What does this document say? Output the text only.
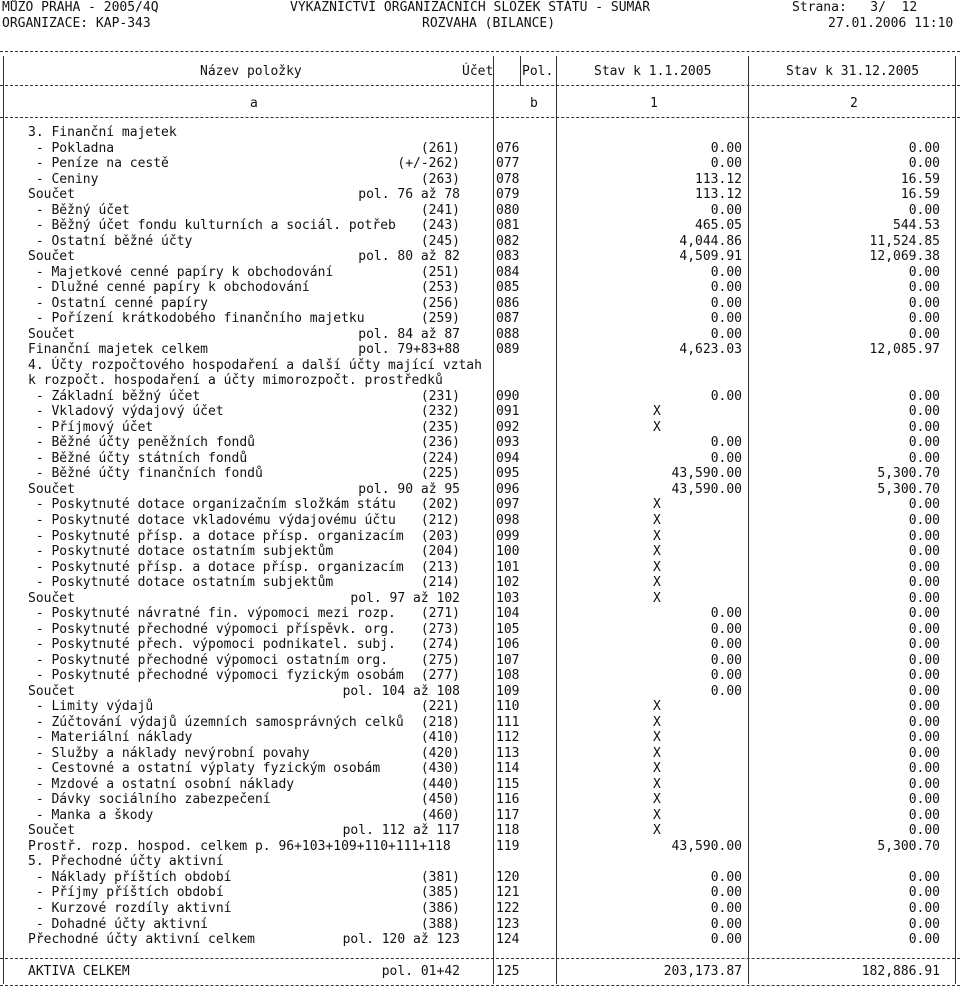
MŮZO PRAHA - 2005/4Q	VÝKAZNICTVÍ ORGANIZAČNÍCH SLOŽEK STÁTU - SUMÁŘ	Strana:   3/  12
ORGANIZACE: KAP-343	ROZVAHA (BILANCE)	27.01.2006 11:10
Název položky	Účet Pol.	Stav k 1.1.2005	Stav k 31.12.2005
a	b	1	2
3. Finanční majetek
- Pokladna	(261)	076	0.00	0.00
- Peníze na cestě	(+/-262)	077	0.00	0.00
- Ceniny	(263)	078	113.12	16.59
Součet	pol. 76 až 78	079	113.12	16.59
- Běžný účet	(241)	080	0.00	0.00
- Běžný účet fondu kulturních a sociál. potřeb	(243)	081	465.05	544.53
- Ostatní běžné účty	(245)	082	4,044.86	11,524.85
Součet	pol. 80 až 82	083	4,509.91	12,069.38
- Majetkové cenné papíry k obchodování	(251)	084	0.00	0.00
- Dlužné cenné papíry k obchodování	(253)	085	0.00	0.00
- Ostatní cenné papíry	(256)	086	0.00	0.00
- Pořízení krátkodobého finančního majetku	(259)	087	0.00	0.00
Součet	pol. 84 až 87	088	0.00	0.00
Finanční majetek celkem	pol. 79+83+88	089	4,623.03	12,085.97
4. Účty rozpočtového hospodaření a další účty mající vztah
k rozpočt. hospodaření a účty mimorozpočt. prostředků
- Základní běžný účet	(231)	090	0.00	0.00
- Vkladový výdajový účet	(232)	091	X	0.00
- Příjmový účet	(235)	092	X	0.00
- Běžné účty peněžních fondů	(236)	093	0.00	0.00
- Běžné účty státních fondů	(224)	094	0.00	0.00
- Běžné účty finančních fondů	(225)	095	43,590.00	5,300.70
Součet	pol. 90 až 95	096	43,590.00	5,300.70
- Poskytnuté dotace organizačním složkám státu	(202)	097	X	0.00
- Poskytnuté dotace vkladovému výdajovému účtu	(212)	098	X	0.00
- Poskytnuté přísp. a dotace přísp. organizacím	(203)	099	X	0.00
- Poskytnuté dotace ostatním subjektům	(204)	100	X	0.00
- Poskytnuté přísp. a dotace přísp. organizacím	(213)	101	X	0.00
- Poskytnuté dotace ostatním subjektům	(214)	102	X	0.00
Součet	pol. 97 až 102	103	X	0.00
- Poskytnuté návratné fin. výpomoci mezi rozp.	(271)	104	0.00	0.00
- Poskytnuté přechodné výpomoci příspěvk. org.	(273)	105	0.00	0.00
- Poskytnuté přech. výpomoci podnikatel. subj.	(274)	106	0.00	0.00
- Poskytnuté přechodné výpomoci ostatním org.	(275)	107	0.00	0.00
- Poskytnuté přechodné výpomoci fyzickým osobám	(277)	108	0.00	0.00
Součet	pol. 104 až 108	109	0.00	0.00
- Limity výdajů	(221)	110	X	0.00
- Zúčtování výdajů územních samosprávných celků	(218)	111	X	0.00
- Materiální náklady	(410)	112	X	0.00
- Služby a náklady nevýrobní povahy	(420)	113	X	0.00
- Cestovné a ostatní výplaty fyzickým osobám	(430)	114	X	0.00
- Mzdové a ostatní osobní náklady	(440)	115	X	0.00
- Dávky sociálního zabezpečení	(450)	116	X	0.00
- Manka a škody	(460)	117	X	0.00
Součet	pol. 112 až 117	118	X	0.00
Prostř. rozp. hospod. celkem p. 96+103+109+110+111+118	119	43,590.00	5,300.70
5. Přechodné účty aktivní
- Náklady příštích období	(381)	120	0.00	0.00
- Příjmy příštích období	(385)	121	0.00	0.00
- Kurzové rozdíly aktivní	(386)	122	0.00	0.00
- Dohadné účty aktivní	(388)	123	0.00	0.00
Přechodné účty aktivní celkem	pol. 120 až 123	124	0.00	0.00
AKTIVA CELKEM	pol. 01+42	125	203,173.87	182,886.91
